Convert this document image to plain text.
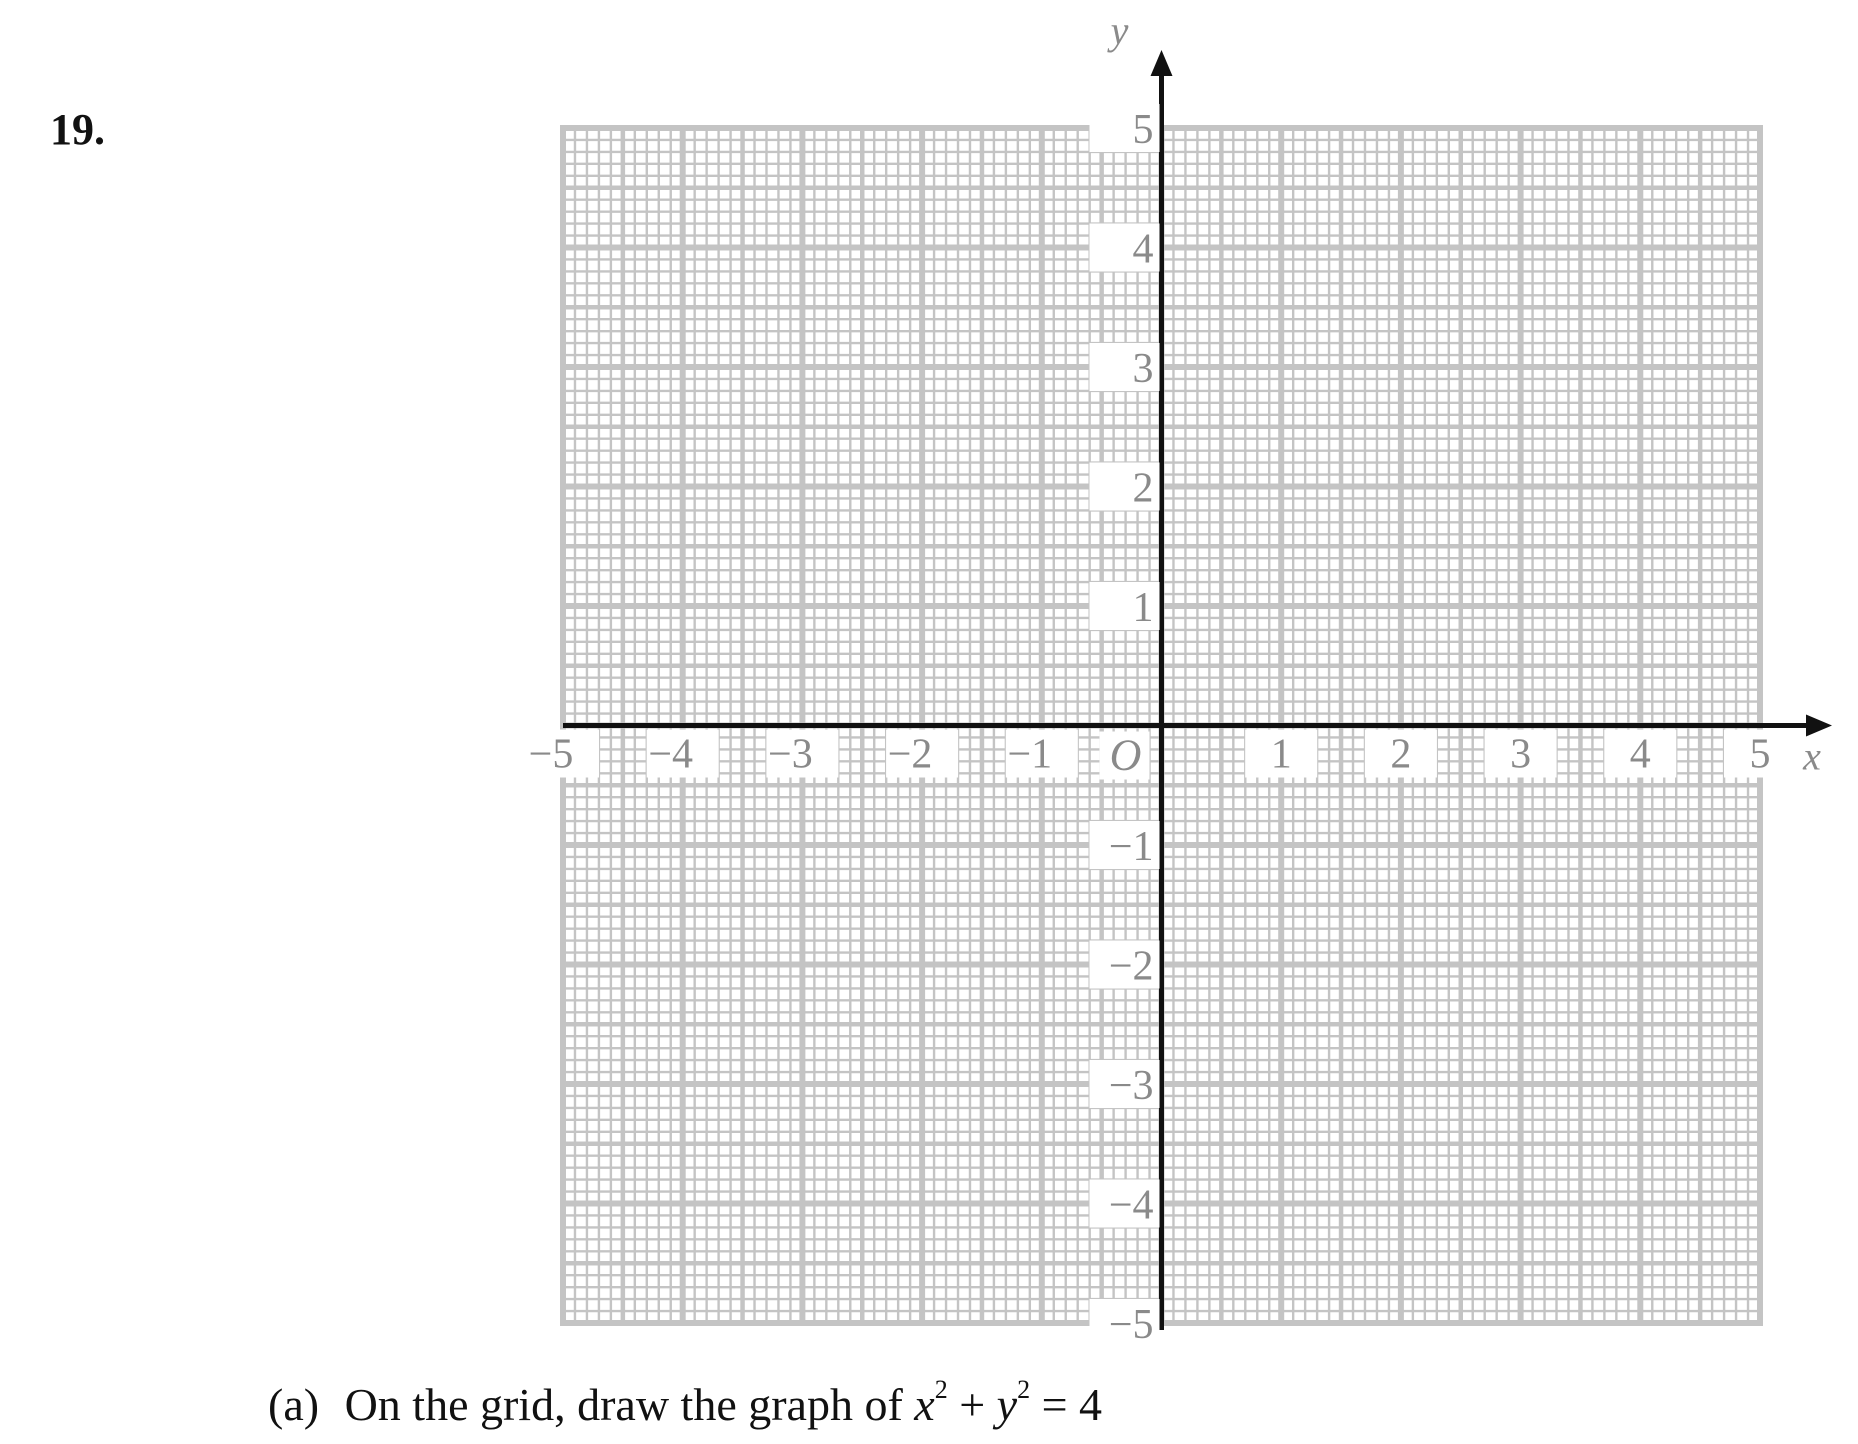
19.
−5 −4 −3 −2 −1	1 2 3 4 5
5
4
3
2
1
−1
−2
−3
−4
−5
O	x
y
(a) On the grid, draw the graph of $x^2 + y^2 = 4$
